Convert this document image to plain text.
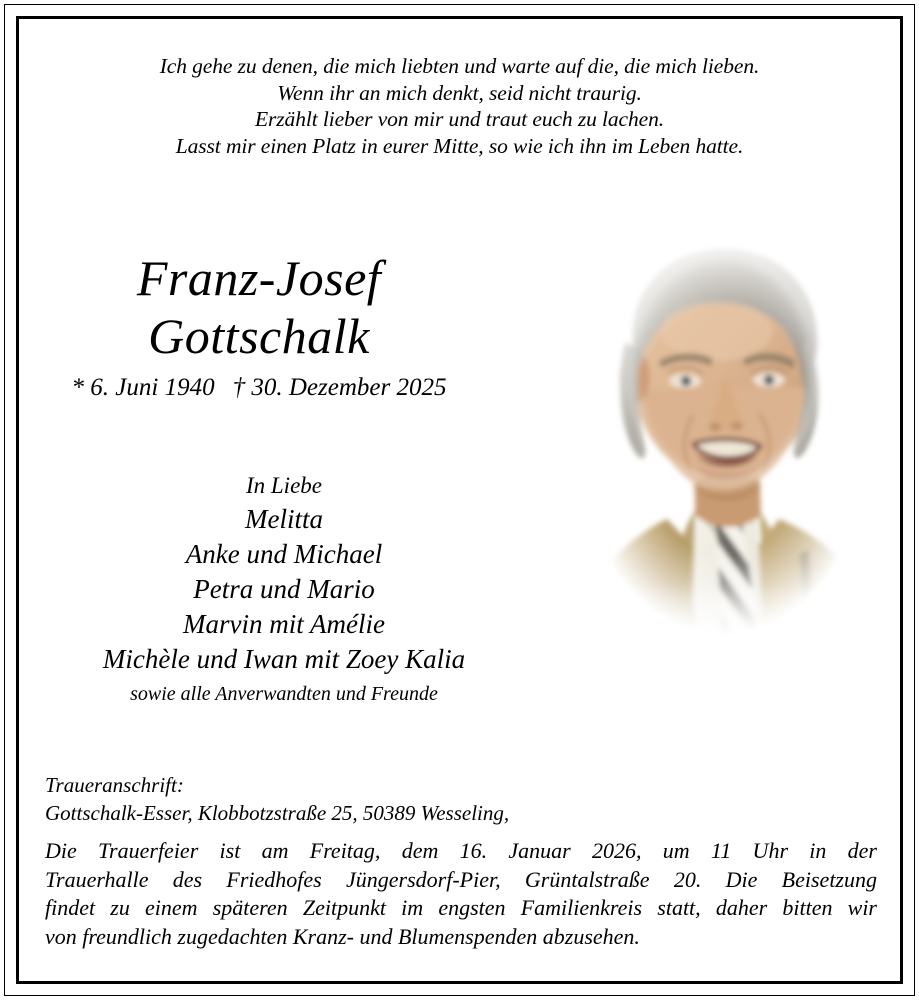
Ich gehe zu denen, die mich liebten und warte auf die, die mich lieben.
Wenn ihr an mich denkt, seid nicht traurig.
Erzählt lieber von mir und traut euch zu lachen.
Lasst mir einen Platz in eurer Mitte, so wie ich ihn im Leben hatte.
Franz-Josef
Gottschalk
* 6. Juni 1940 † 30. Dezember 2025
In Liebe
Melitta
Anke und Michael
Petra und Mario
Marvin mit Amélie
Michèle und Iwan mit Zoey Kalia
sowie alle Anverwandten und Freunde
Traueranschrift:
Gottschalk-Esser, Klobbotzstraße 25, 50389 Wesseling,
Die Trauerfeier ist am Freitag, dem 16. Januar 2026, um 11 Uhr in der
Trauerhalle des Friedhofes Jüngersdorf-Pier, Grüntalstraße 20. Die Beisetzung
findet zu einem späteren Zeitpunkt im engsten Familienkreis statt, daher bitten wir
von freundlich zugedachten Kranz- und Blumenspenden abzusehen.
